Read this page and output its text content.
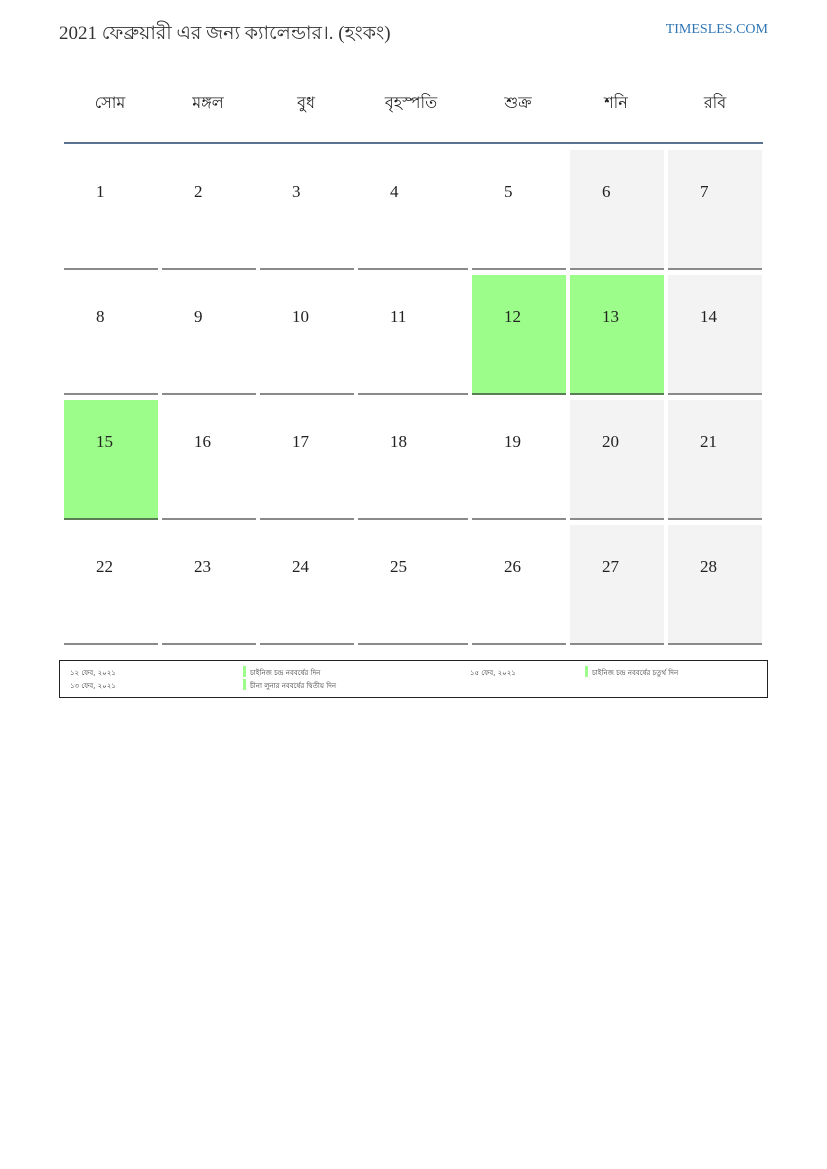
2021 ফেব্রুয়ারী এর জন্য ক্যালেন্ডার।. (হংকং)	TIMESLES.COM
সোম	মঙ্গল	বুধ	বৃহস্পতি	শুক্র	শনি	রবি
1	2	3	4	5	6	7
8	9	10	11	12	13	14
15	16	17	18	19	20	21
22	23	24	25	26	27	28
১২ ফেব, ২০২১	চাইনিজ চন্দ্র নববর্ষের দিন	১৫ ফেব, ২০২১	চাইনিজ চন্দ্র নববর্ষের চতুর্থ দিন
১৩ ফেব, ২০২১	চীনা লুনার নববর্ষের দ্বিতীয় দিন
